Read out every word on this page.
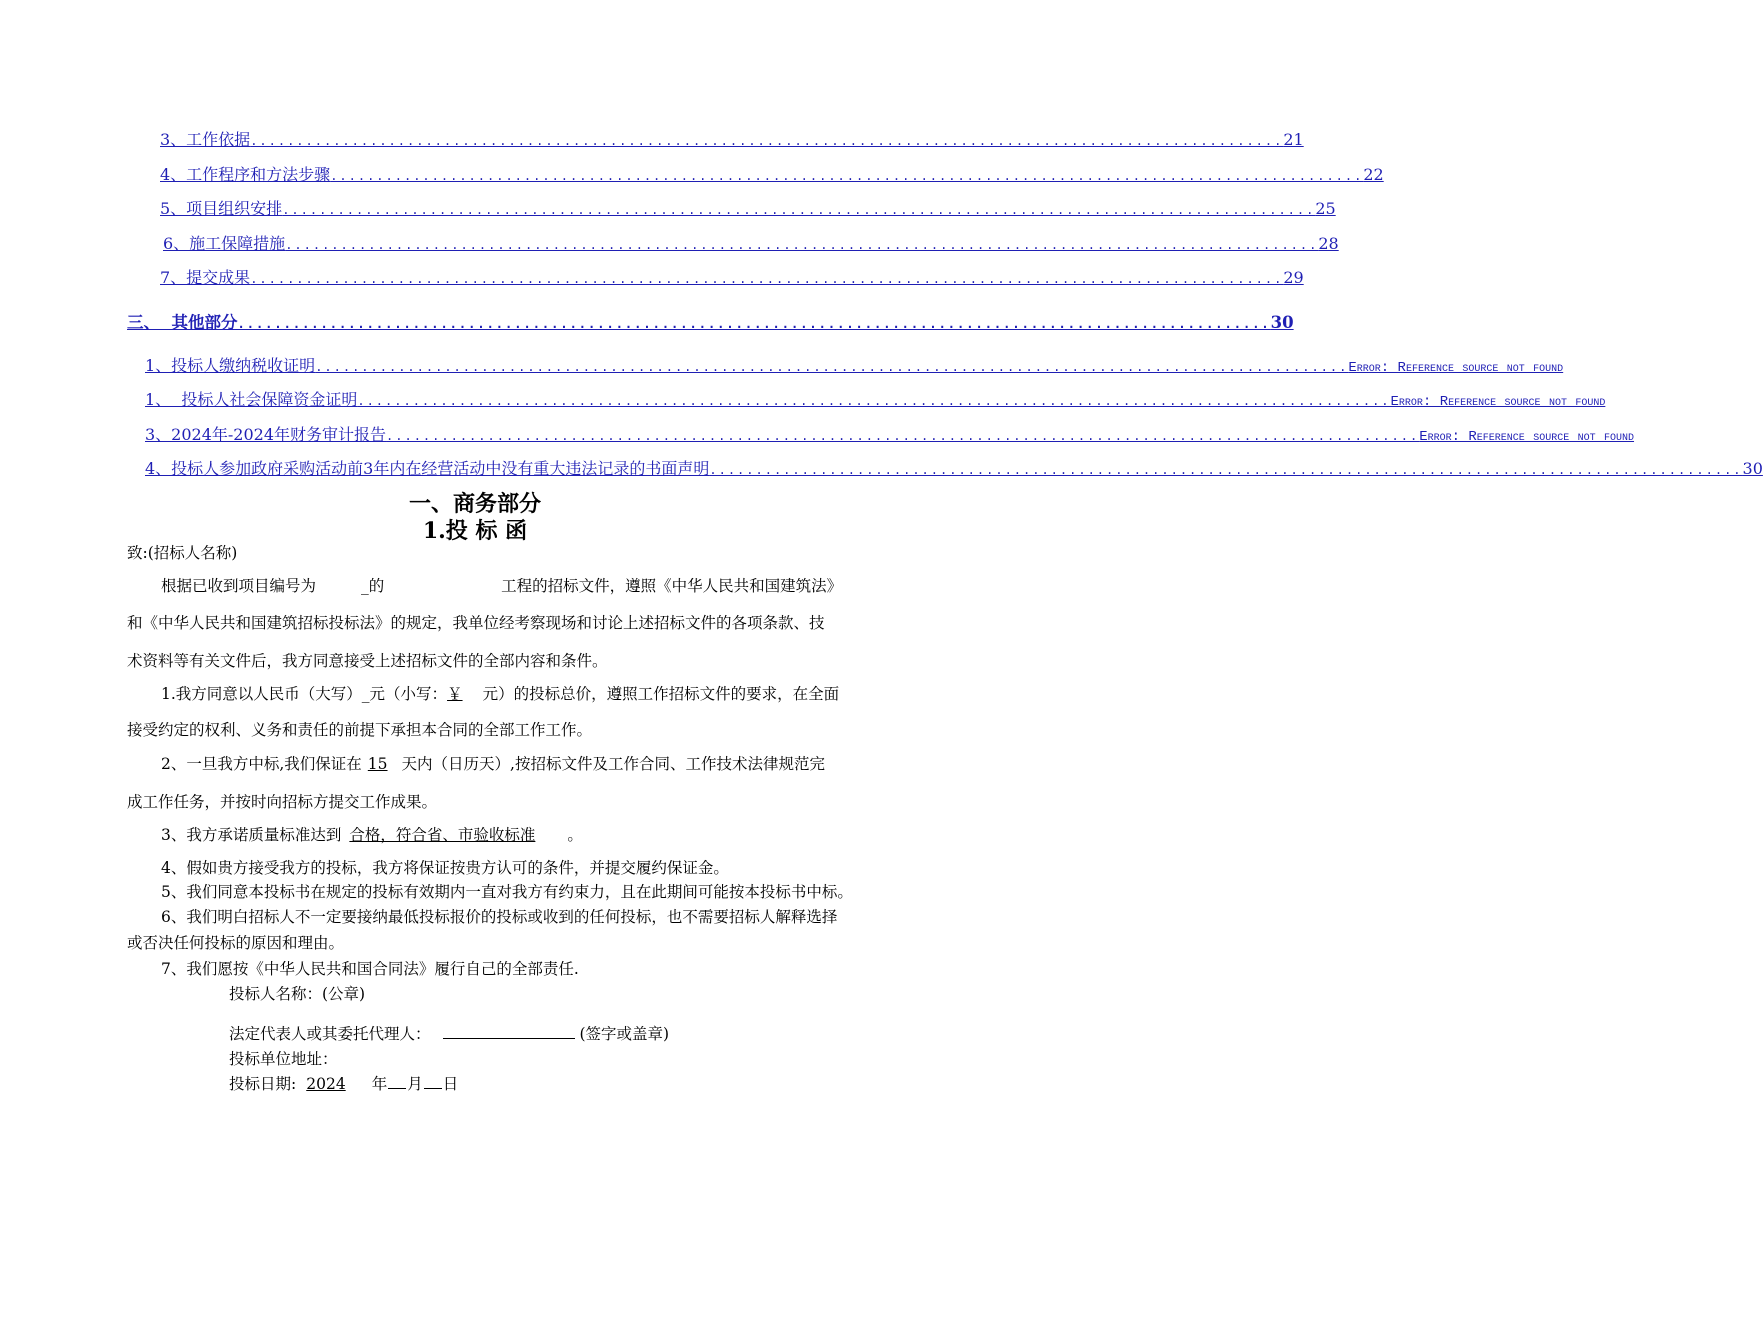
3、工作依据 ................................................................................................................ 21
4、工作程序和方法步骤 ................................................................................................................ 22
5、项目组织安排 ................................................................................................................ 25
6、施工保障措施 ................................................................................................................ 28
7、提交成果 ................................................................................................................ 29
三、  其他部分 ................................................................................................................ 30
1、投标人缴纳税收证明 ................................................................................................................ Error: Reference source not found
1、  投标人社会保障资金证明 ................................................................................................................ Error: Reference source not found
3、2024年-2024年财务审计报告 ................................................................................................................ Error: Reference source not found
4、投标人参加政府采购活动前3年内在经营活动中没有重大违法记录的书面声明 ................................................................................................................ 30
一、商务部分
1.投 标 函
致:(招标人名称)
根据已收到项目编号为	_的	工程的招标文件，遵照《中华人民共和国建筑法》
和《中华人民共和国建筑招标投标法》的规定，我单位经考察现场和讨论上述招标文件的各项条款、技
术资料等有关文件后，我方同意接受上述招标文件的全部内容和条件。
1.我方同意以人民币（大写）_元（小写：￥ 元）的投标总价，遵照工作招标文件的要求，在全面
接受约定的权利、义务和责任的前提下承担本合同的全部工作工作。
2、一旦我方中标,我们保证在 15 天内（日历天）,按招标文件及工作合同、工作技术法律规范完
成工作任务，并按时向招标方提交工作成果。
3、我方承诺质量标准达到 合格，符合省、市验收标准 。
4、假如贵方接受我方的投标，我方将保证按贵方认可的条件，并提交履约保证金。
5、我们同意本投标书在规定的投标有效期内一直对我方有约束力，且在此期间可能按本投标书中标。
6、我们明白招标人不一定要接纳最低投标报价的投标或收到的任何投标，也不需要招标人解释选择
或否决任何投标的原因和理由。
7、我们愿按《中华人民共和国合同法》履行自己的全部责任.
投标人名称：(公章)
法定代表人或其委托代理人：	(签字或盖章)
投标单位地址：
投标日期: 2024 年 月 日
